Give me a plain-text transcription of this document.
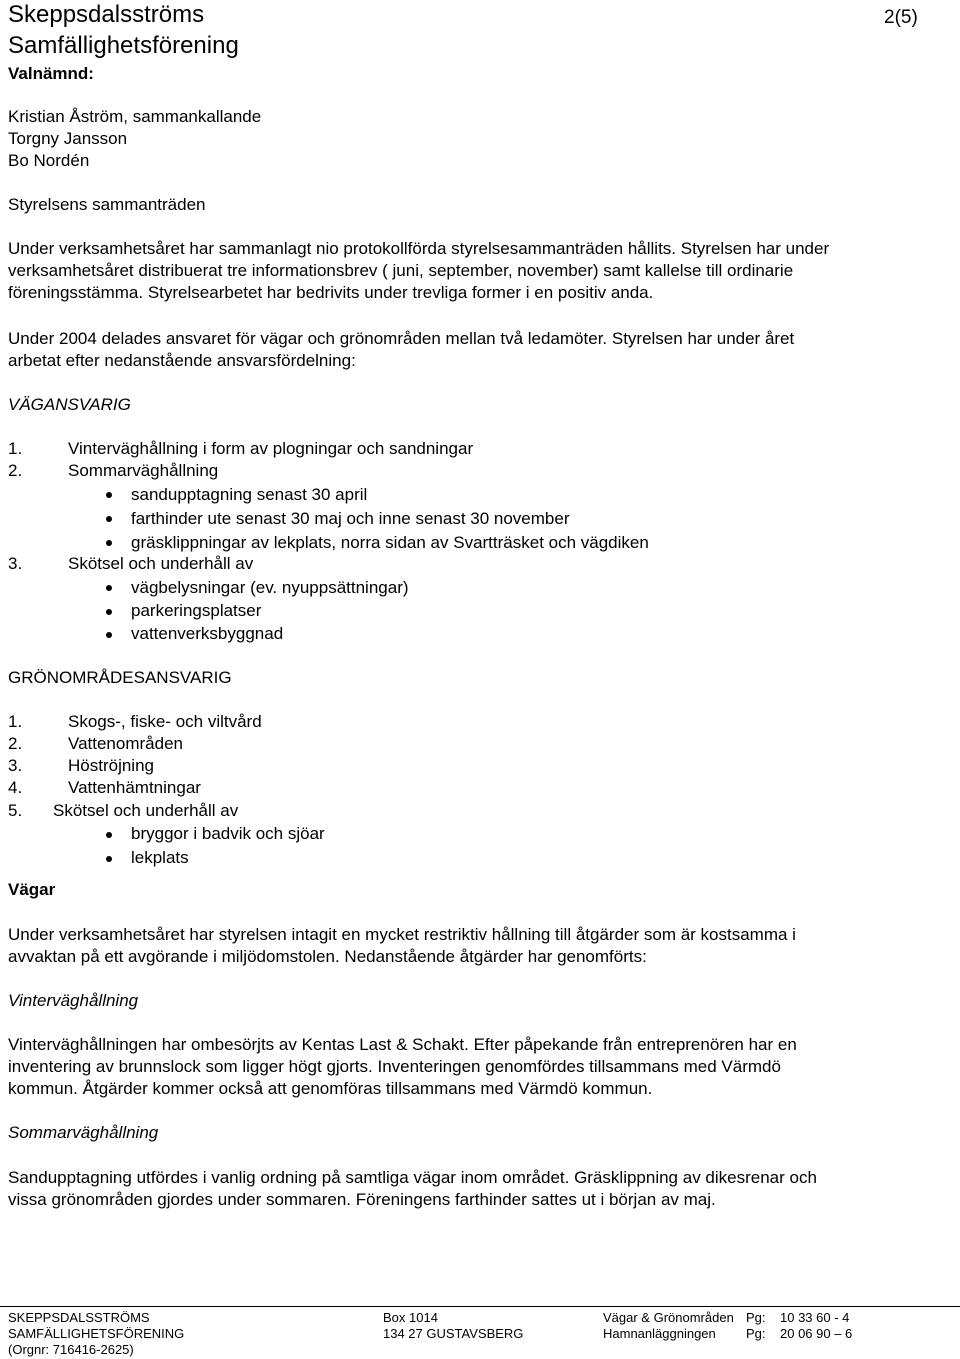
Skeppsdalsströms
Samfällighetsförening
2(5)
Valnämnd:
Kristian Åström, sammankallande
Torgny Jansson
Bo Nordén
Styrelsens sammanträden
Under verksamhetsåret har sammanlagt nio protokollförda styrelsesammanträden hållits. Styrelsen har under
verksamhetsåret distribuerat tre informationsbrev ( juni, september, november) samt kallelse till ordinarie
föreningsstämma. Styrelsearbetet har bedrivits under trevliga former i en positiv anda.
Under 2004 delades ansvaret för vägar och grönområden mellan två ledamöter. Styrelsen har under året
arbetat efter nedanstående ansvarsfördelning:
VÄGANSVARIG
1.	Vinterväghållning i form av plogningar och sandningar
2.	Sommarväghållning
sandupptagning senast 30 april
farthinder ute senast 30 maj och inne senast 30 november
gräsklippningar av lekplats, norra sidan av Svartträsket och vägdiken
3.	Skötsel och underhåll av
vägbelysningar (ev. nyuppsättningar)
parkeringsplatser
vattenverksbyggnad
GRÖNOMRÅDESANSVARIG
1.	Skogs-, fiske- och viltvård
2.	Vattenområden
3.	Höströjning
4.	Vattenhämtningar
5. Skötsel och underhåll av
bryggor i badvik och sjöar
lekplats
Vägar
Under verksamhetsåret har styrelsen intagit en mycket restriktiv hållning till åtgärder som är kostsamma i
avvaktan på ett avgörande i miljödomstolen. Nedanstående åtgärder har genomförts:
Vinterväghållning
Vinterväghållningen har ombesörjts av Kentas Last & Schakt. Efter påpekande från entreprenören har en
inventering av brunnslock som ligger högt gjorts. Inventeringen genomfördes tillsammans med Värmdö
kommun. Åtgärder kommer också att genomföras tillsammans med Värmdö kommun.
Sommarväghållning
Sandupptagning utfördes i vanlig ordning på samtliga vägar inom området. Gräsklippning av dikesrenar och
vissa grönområden gjordes under sommaren. Föreningens farthinder sattes ut i början av maj.
SKEPPSDALSSTRÖMS
SAMFÄLLIGHETSFÖRENING
(Orgnr: 716416-2625)
Box 1014
134 27 GUSTAVSBERG
Vägar & Grönområden Pg: 10 33 60 - 4
Hamnanläggningen Pg: 20 06 90 – 6
